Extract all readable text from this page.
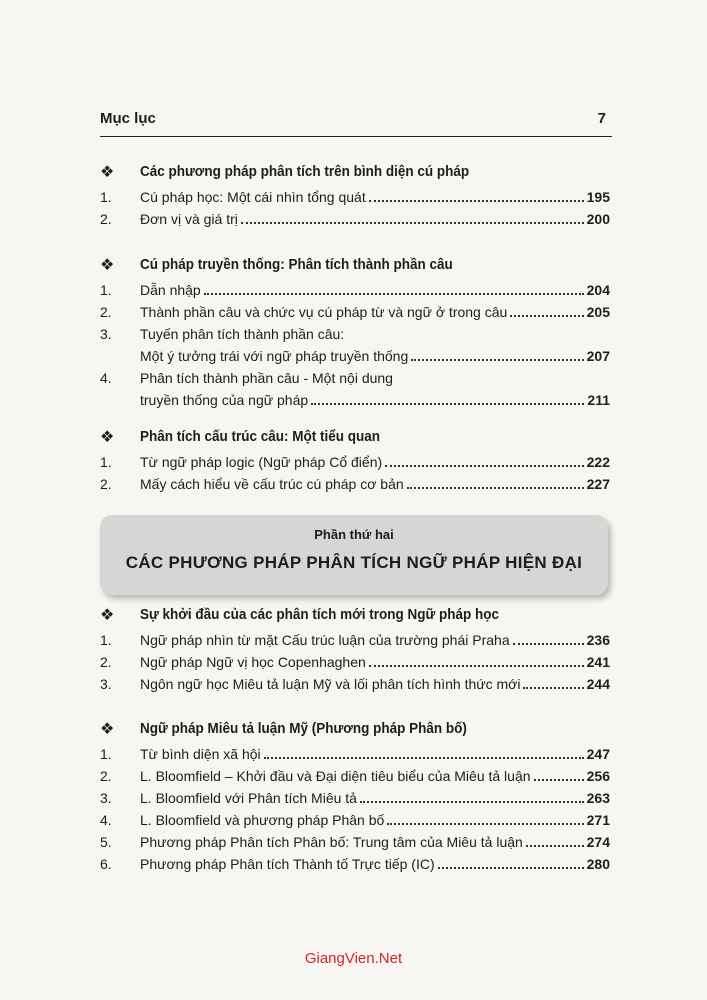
Mục lục	7
Phần thứ hai
CÁC PHƯƠNG PHÁP PHÂN TÍCH NGỮ PHÁP HIỆN ĐẠI
GiangVien.Net
❖ Các phương pháp phân tích trên bình diện cú pháp
1. Cú pháp học: Một cái nhìn tổng quát	195
2. Đơn vị và giá trị	200
❖ Cú pháp truyền thống: Phân tích thành phần câu
1. Dẫn nhập	204
2. Thành phần câu và chức vụ cú pháp từ và ngữ ở trong câu	205
3. Tuyến phân tích thành phần câu:
Một ý tưởng trái với ngữ pháp truyền thống	207
4. Phân tích thành phần câu - Một nội dung
truyền thống của ngữ pháp	211
❖ Phân tích cấu trúc câu: Một tiểu quan
1. Từ ngữ pháp logic (Ngữ pháp Cổ điển)	222
2. Mấy cách hiểu về cấu trúc cú pháp cơ bản	227
❖ Sự khởi đầu của các phân tích mới trong Ngữ pháp học
1. Ngữ pháp nhìn từ mặt Cấu trúc luận của trường phái Praha	236
2. Ngữ pháp Ngữ vị học Copenhaghen	241
3. Ngôn ngữ học Miêu tả luận Mỹ và lối phân tích hình thức mới	244
❖ Ngữ pháp Miêu tả luận Mỹ (Phương pháp Phân bố)
1. Từ bình diện xã hội	247
2. L. Bloomfield – Khởi đầu và Đại diện tiêu biểu của Miêu tả luận	256
3. L. Bloomfield với Phân tích Miêu tả	263
4. L. Bloomfield và phương pháp Phân bố	271
5. Phương pháp Phân tích Phân bố: Trung tâm của Miêu tả luận	274
6. Phương pháp Phân tích Thành tố Trực tiếp (IC)	280
